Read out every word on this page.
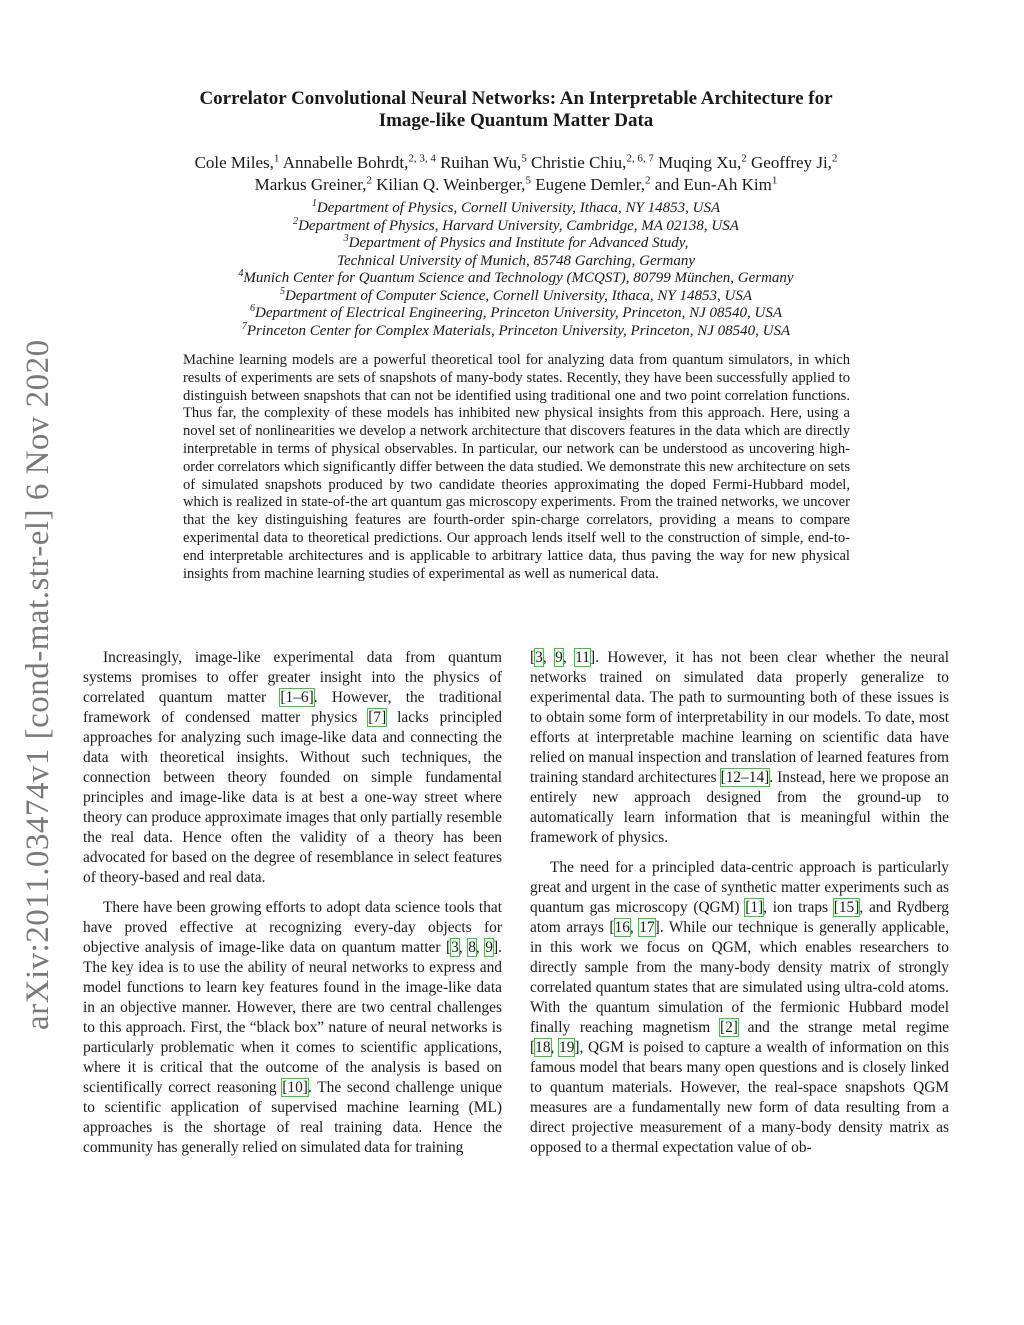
arXiv:2011.03474v1 [cond-mat.str-el] 6 Nov 2020
Correlator Convolutional Neural Networks: An Interpretable Architecture for
Image-like Quantum Matter Data
Cole Miles,$^1$ Annabelle Bohrdt,$^{2, 3, 4}$ Ruihan Wu,$^5$ Christie Chiu,$^{2, 6, 7}$ Muqing Xu,$^2$ Geoffrey Ji,$^2$ Markus Greiner,$^2$ Kilian Q. Weinberger,$^5$ Eugene Demler,$^2$ and Eun-Ah Kim$^1$
$^1$Department of Physics, Cornell University, Ithaca, NY 14853, USA
$^2$Department of Physics, Harvard University, Cambridge, MA 02138, USA
$^3$Department of Physics and Institute for Advanced Study,
Technical University of Munich, 85748 Garching, Germany
$^4$Munich Center for Quantum Science and Technology (MCQST), 80799 München, Germany
$^5$Department of Computer Science, Cornell University, Ithaca, NY 14853, USA
$^6$Department of Electrical Engineering, Princeton University, Princeton, NJ 08540, USA
$^7$Princeton Center for Complex Materials, Princeton University, Princeton, NJ 08540, USA
Machine learning models are a powerful theoretical tool for analyzing data from quantum simulators, in which results of experiments are sets of snapshots of many-body states. Recently, they have been successfully applied to distinguish between snapshots that can not be identified using traditional one and two point correlation functions. Thus far, the complexity of these models has inhibited new physical insights from this approach. Here, using a novel set of nonlinearities we develop a network architecture that discovers features in the data which are directly interpretable in terms of physical observables. In particular, our network can be understood as uncovering high-order correlators which significantly differ between the data studied. We demonstrate this new architecture on sets of simulated snapshots produced by two candidate theories approximating the doped Fermi-Hubbard model, which is realized in state-of-the art quantum gas microscopy experiments. From the trained networks, we uncover that the key distinguishing features are fourth-order spin-charge correlators, providing a means to compare experimental data to theoretical predictions. Our approach lends itself well to the construction of simple, end-to-end interpretable architectures and is applicable to arbitrary lattice data, thus paving the way for new physical insights from machine learning studies of experimental as well as numerical data.

Increasingly, image-like experimental data from quantum systems promises to offer greater insight into the physics of correlated quantum matter [1–6]. However, the traditional framework of condensed matter physics [7] lacks principled approaches for analyzing such image-like data and connecting the data with theoretical insights. Without such techniques, the connection between theory founded on simple fundamental principles and image-like data is at best a one-way street where theory can produce approximate images that only partially resemble the real data. Hence often the validity of a theory has been advocated for based on the degree of resemblance in select features of theory-based and real data.

There have been growing efforts to adopt data science tools that have proved effective at recognizing every-day objects for objective analysis of image-like data on quantum matter [3, 8, 9]. The key idea is to use the ability of neural networks to express and model functions to learn key features found in the image-like data in an objective manner. However, there are two central challenges to this approach. First, the “black box” nature of neural networks is particularly problematic when it comes to scientific applications, where it is critical that the outcome of the analysis is based on scientifically correct reasoning [10]. The second challenge unique to scientific application of supervised machine learning (ML) approaches is the shortage of real training data. Hence the community has generally relied on simulated data for training

[3, 9, 11]. However, it has not been clear whether the neural networks trained on simulated data properly generalize to experimental data. The path to surmounting both of these issues is to obtain some form of interpretability in our models. To date, most efforts at interpretable machine learning on scientific data have relied on manual inspection and translation of learned features from training standard architectures [12–14]. Instead, here we propose an entirely new approach designed from the ground-up to automatically learn information that is meaningful within the framework of physics.

The need for a principled data-centric approach is particularly great and urgent in the case of synthetic matter experiments such as quantum gas microscopy (QGM) [1], ion traps [15], and Rydberg atom arrays [16, 17]. While our technique is generally applicable, in this work we focus on QGM, which enables researchers to directly sample from the many-body density matrix of strongly correlated quantum states that are simulated using ultra-cold atoms. With the quantum simulation of the fermionic Hubbard model finally reaching magnetism [2] and the strange metal regime [18, 19], QGM is poised to capture a wealth of information on this famous model that bears many open questions and is closely linked to quantum materials. However, the real-space snapshots QGM measures are a fundamentally new form of data resulting from a direct projective measurement of a many-body density matrix as opposed to a thermal expectation value of ob-
